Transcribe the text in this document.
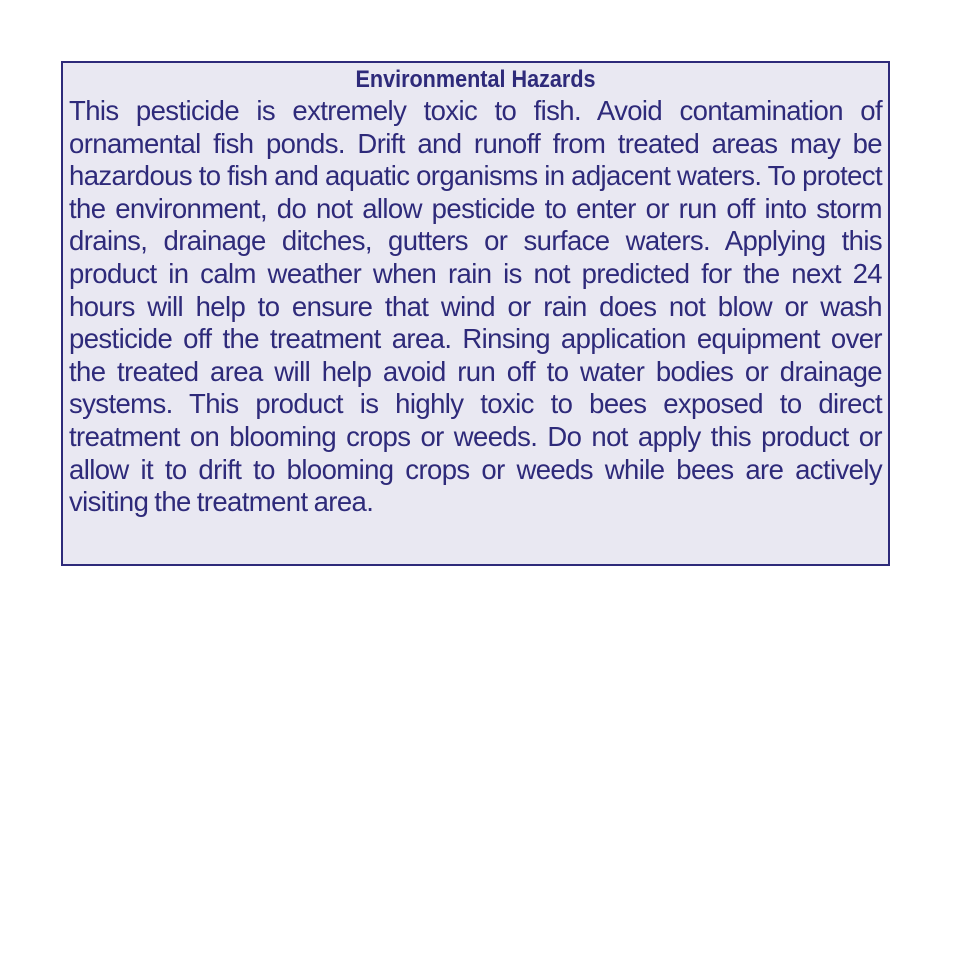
Environmental Hazards

This pesticide is extremely toxic to fish. Avoid contamination of ornamental fish ponds. Drift and runoff from treated areas may be hazardous to fish and aquatic organisms in adjacent waters. To protect the environment, do not allow pesticide to enter or run off into storm drains, drainage ditches, gutters or surface waters. Applying this product in calm weather when rain is not predicted for the next 24 hours will help to ensure that wind or rain does not blow or wash pesticide off the treatment area. Rinsing application equipment over the treated area will help avoid run off to water bodies or drainage systems. This product is highly toxic to bees exposed to direct treatment on blooming crops or weeds. Do not apply this product or allow it to drift to blooming crops or weeds while bees are actively visiting the treatment area.
